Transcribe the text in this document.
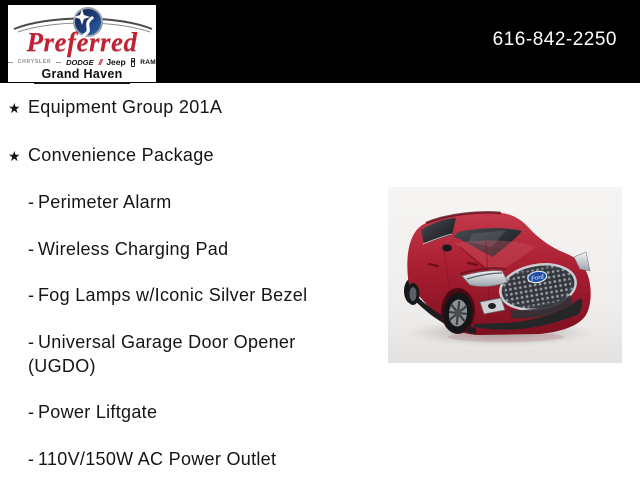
Preferred
CHRYSLER DODGE // Jeep RAM
Grand Haven
616-842-2250
★ Equipment Group 201A
★ Convenience Package
- Perimeter Alarm
- Wireless Charging Pad
- Fog Lamps w/Iconic Silver Bezel
- Universal Garage Door Opener (UGDO)
- Power Liftgate
- 110V/150W AC Power Outlet
Ford
